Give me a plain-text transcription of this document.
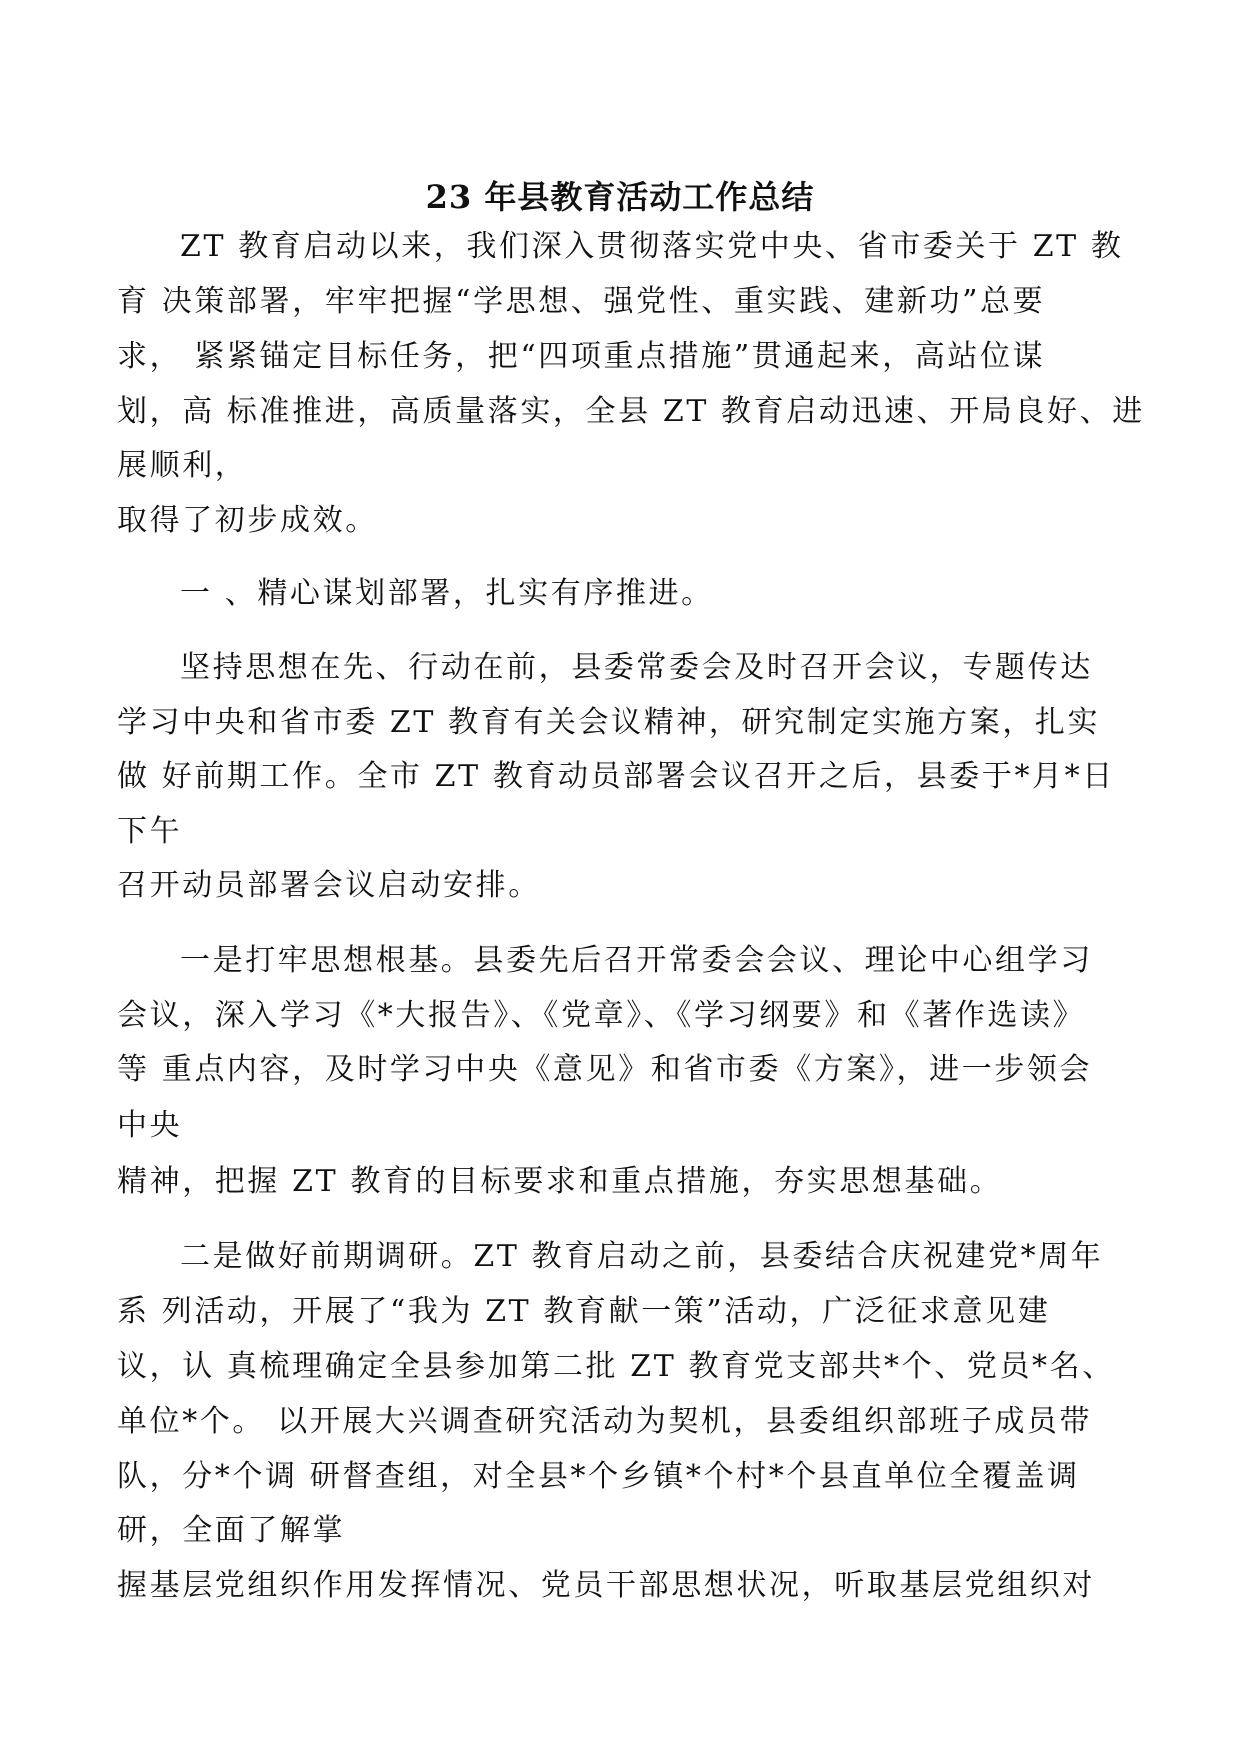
23 年县教育活动工作总结
ZT 教育启动以来，我们深入贯彻落实党中央、省市委关于 ZT 教
育 决策部署，牢牢把握“学思想、强党性、重实践、建新功”总要
求， 紧紧锚定目标任务，把“四项重点措施”贯通起来，高站位谋
划，高 标准推进，高质量落实，全县 ZT 教育启动迅速、开局良好、进
展顺利，
取得了初步成效。
一 、精心谋划部署，扎实有序推进。
坚持思想在先、行动在前，县委常委会及时召开会议，专题传达
学习中央和省市委 ZT 教育有关会议精神，研究制定实施方案，扎实
做 好前期工作。全市 ZT 教育动员部署会议召开之后，县委于*月*日
下午
召开动员部署会议启动安排。
一是打牢思想根基。县委先后召开常委会会议、理论中心组学习
会议，深入学习《*大报告》、《党章》、《学习纲要》和《著作选读》
等 重点内容，及时学习中央《意见》和省市委《方案》，进一步领会
中央
精神，把握 ZT 教育的目标要求和重点措施，夯实思想基础。
二是做好前期调研。ZT 教育启动之前，县委结合庆祝建党*周年
系 列活动，开展了“我为 ZT 教育献一策”活动，广泛征求意见建
议，认 真梳理确定全县参加第二批 ZT 教育党支部共*个、党员*名、
单位*个。 以开展大兴调查研究活动为契机，县委组织部班子成员带
队，分*个调 研督查组，对全县*个乡镇*个村*个县直单位全覆盖调
研，全面了解掌
握基层党组织作用发挥情况、党员干部思想状况，听取基层党组织对
